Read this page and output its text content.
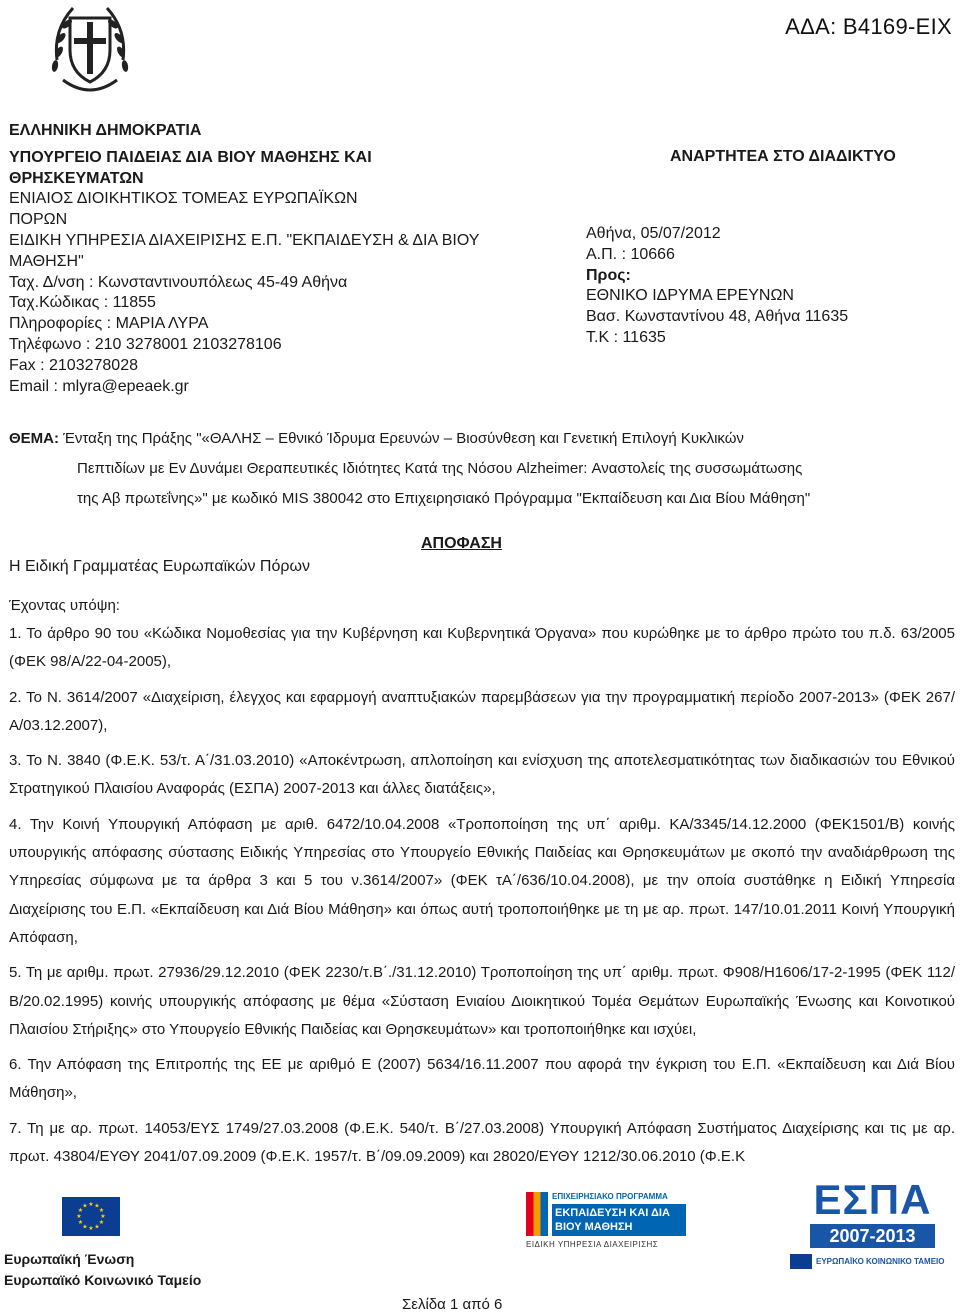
ΑΔΑ: Β4169-ΕΙΧ
ΕΛΛΗΝΙΚΗ ΔΗΜΟΚΡΑΤΙΑ
ΥΠΟΥΡΓΕΙΟ ΠΑΙΔΕΙΑΣ ΔΙΑ ΒΙΟΥ ΜΑΘΗΣΗΣ ΚΑΙ
ΘΡΗΣΚΕΥΜΑΤΩΝ
ΕΝΙΑΙΟΣ ΔΙΟΙΚΗΤΙΚΟΣ ΤΟΜΕΑΣ ΕΥΡΩΠΑΪΚΩΝ
ΠΟΡΩΝ
ΕΙΔΙΚΗ ΥΠΗΡΕΣΙΑ ΔΙΑΧΕΙΡΙΣΗΣ Ε.Π. "ΕΚΠΑΙΔΕΥΣΗ & ΔΙΑ ΒΙΟΥ
ΜΑΘΗΣΗ"
Ταχ. Δ/νση : Κωνσταντινουπόλεως 45-49 Αθήνα
Ταχ.Κώδικας : 11855
Πληροφορίες : ΜΑΡΙΑ ΛΥΡΑ
Τηλέφωνο : 210 3278001 2103278106
Fax : 2103278028
Email : mlyra@epeaek.gr
ΑΝΑΡΤΗΤΕΑ ΣΤΟ ΔΙΑΔΙΚΤΥΟ
Αθήνα, 05/07/2012
Α.Π. : 10666
Προς:
ΕΘΝΙΚΟ ΙΔΡΥΜΑ ΕΡΕΥΝΩΝ
Βασ. Κωνσταντίνου 48, Αθήνα 11635
Τ.Κ : 11635
ΘΕΜΑ: Ένταξη της Πράξης "«ΘΑΛΗΣ – Εθνικό Ίδρυμα Ερευνών – Βιοσύνθεση και Γενετική Επιλογή Κυκλικών
Πεπτιδίων με Εν Δυνάμει Θεραπευτικές Ιδιότητες Κατά της Νόσου Alzheimer: Αναστολείς της συσσωμάτωσης
της Αβ πρωτεΐνης»" με κωδικό MIS 380042 στο Επιχειρησιακό Πρόγραμμα "Εκπαίδευση και Δια Βίου Μάθηση"
ΑΠΟΦΑΣΗ
Η Ειδική Γραμματέας Ευρωπαϊκών Πόρων
Έχοντας υπόψη:

1. Το άρθρο 90 του «Κώδικα Νομοθεσίας για την Κυβέρνηση και Κυβερνητικά Όργανα» που κυρώθηκε με το άρθρο πρώτο του π.δ. 63/2005 (ΦΕΚ 98/Α/22-04-2005),

2. Το Ν. 3614/2007 «Διαχείριση, έλεγχος και εφαρμογή αναπτυξιακών παρεμβάσεων για την προγραμματική περίοδο 2007-2013» (ΦΕΚ 267/Α/03.12.2007),

3. Το Ν. 3840 (Φ.Ε.Κ. 53/τ. Α΄/31.03.2010) «Αποκέντρωση, απλοποίηση και ενίσχυση της αποτελεσματικότητας των διαδικασιών του Εθνικού Στρατηγικού Πλαισίου Αναφοράς (ΕΣΠΑ) 2007-2013 και άλλες διατάξεις»,

4. Την Κοινή Υπουργική Απόφαση με αριθ. 6472/10.04.2008 «Τροποποίηση της υπ΄ αριθμ. ΚΑ/3345/14.12.2000 (ΦΕΚ1501/Β) κοινής υπουργικής απόφασης σύστασης Ειδικής Υπηρεσίας στο Υπουργείο Εθνικής Παιδείας και Θρησκευμάτων με σκοπό την αναδιάρθρωση της Υπηρεσίας σύμφωνα με τα άρθρα 3 και 5 του ν.3614/2007» (ΦΕΚ τΑ΄/636/10.04.2008), με την οποία συστάθηκε η Ειδική Υπηρεσία Διαχείρισης του Ε.Π. «Εκπαίδευση και Διά Βίου Μάθηση» και όπως αυτή τροποποιήθηκε με τη με αρ. πρωτ. 147/10.01.2011 Κοινή Υπουργική Απόφαση,

5. Τη με αριθμ. πρωτ. 27936/29.12.2010 (ΦΕΚ 2230/τ.Β΄./31.12.2010) Τροποποίηση της υπ΄ αριθμ. πρωτ. Φ908/Η1606/17-2-1995 (ΦΕΚ 112/Β/20.02.1995) κοινής υπουργικής απόφασης με θέμα «Σύσταση Ενιαίου Διοικητικού Τομέα Θεμάτων Ευρωπαϊκής Ένωσης και Κοινοτικού Πλαισίου Στήριξης» στο Υπουργείο Εθνικής Παιδείας και Θρησκευμάτων» και τροποποιήθηκε και ισχύει,

6. Την Απόφαση της Επιτροπής της ΕΕ με αριθμό Ε (2007) 5634/16.11.2007 που αφορά την έγκριση του Ε.Π. «Εκπαίδευση και Διά Βίου Μάθηση»,

7. Τη με αρ. πρωτ. 14053/ΕΥΣ 1749/27.03.2008 (Φ.Ε.Κ. 540/τ. Β΄/27.03.2008) Υπουργική Απόφαση Συστήματος Διαχείρισης και τις με αρ. πρωτ. 43804/ΕΥΘΥ 2041/07.09.2009 (Φ.Ε.Κ. 1957/τ. Β΄/09.09.2009) και 28020/ΕΥΘΥ 1212/30.06.2010 (Φ.Ε.Κ

★ ★
★
★
★
★
★
★
★
★
★
★
Ευρωπαϊκή Ένωση
Ευρωπαϊκό Κοινωνικό Ταμείο
Σελίδα 1 από 6
ΕΠΙΧΕΙΡΗΣΙΑΚΟ ΠΡΟΓΡΑΜΜΑ
ΕΚΠΑΙΔΕΥΣΗ ΚΑΙ ΔΙΑ ΒΙΟΥ ΜΑΘΗΣΗ
ΕΙΔΙΚΗ ΥΠΗΡΕΣΙΑ ΔΙΑΧΕΙΡΙΣΗΣ
ΕΣΠΑ
2007-2013
ΕΥΡΩΠΑΪΚΟ ΚΟΙΝΩΝΙΚΟ ΤΑΜΕΙΟ
